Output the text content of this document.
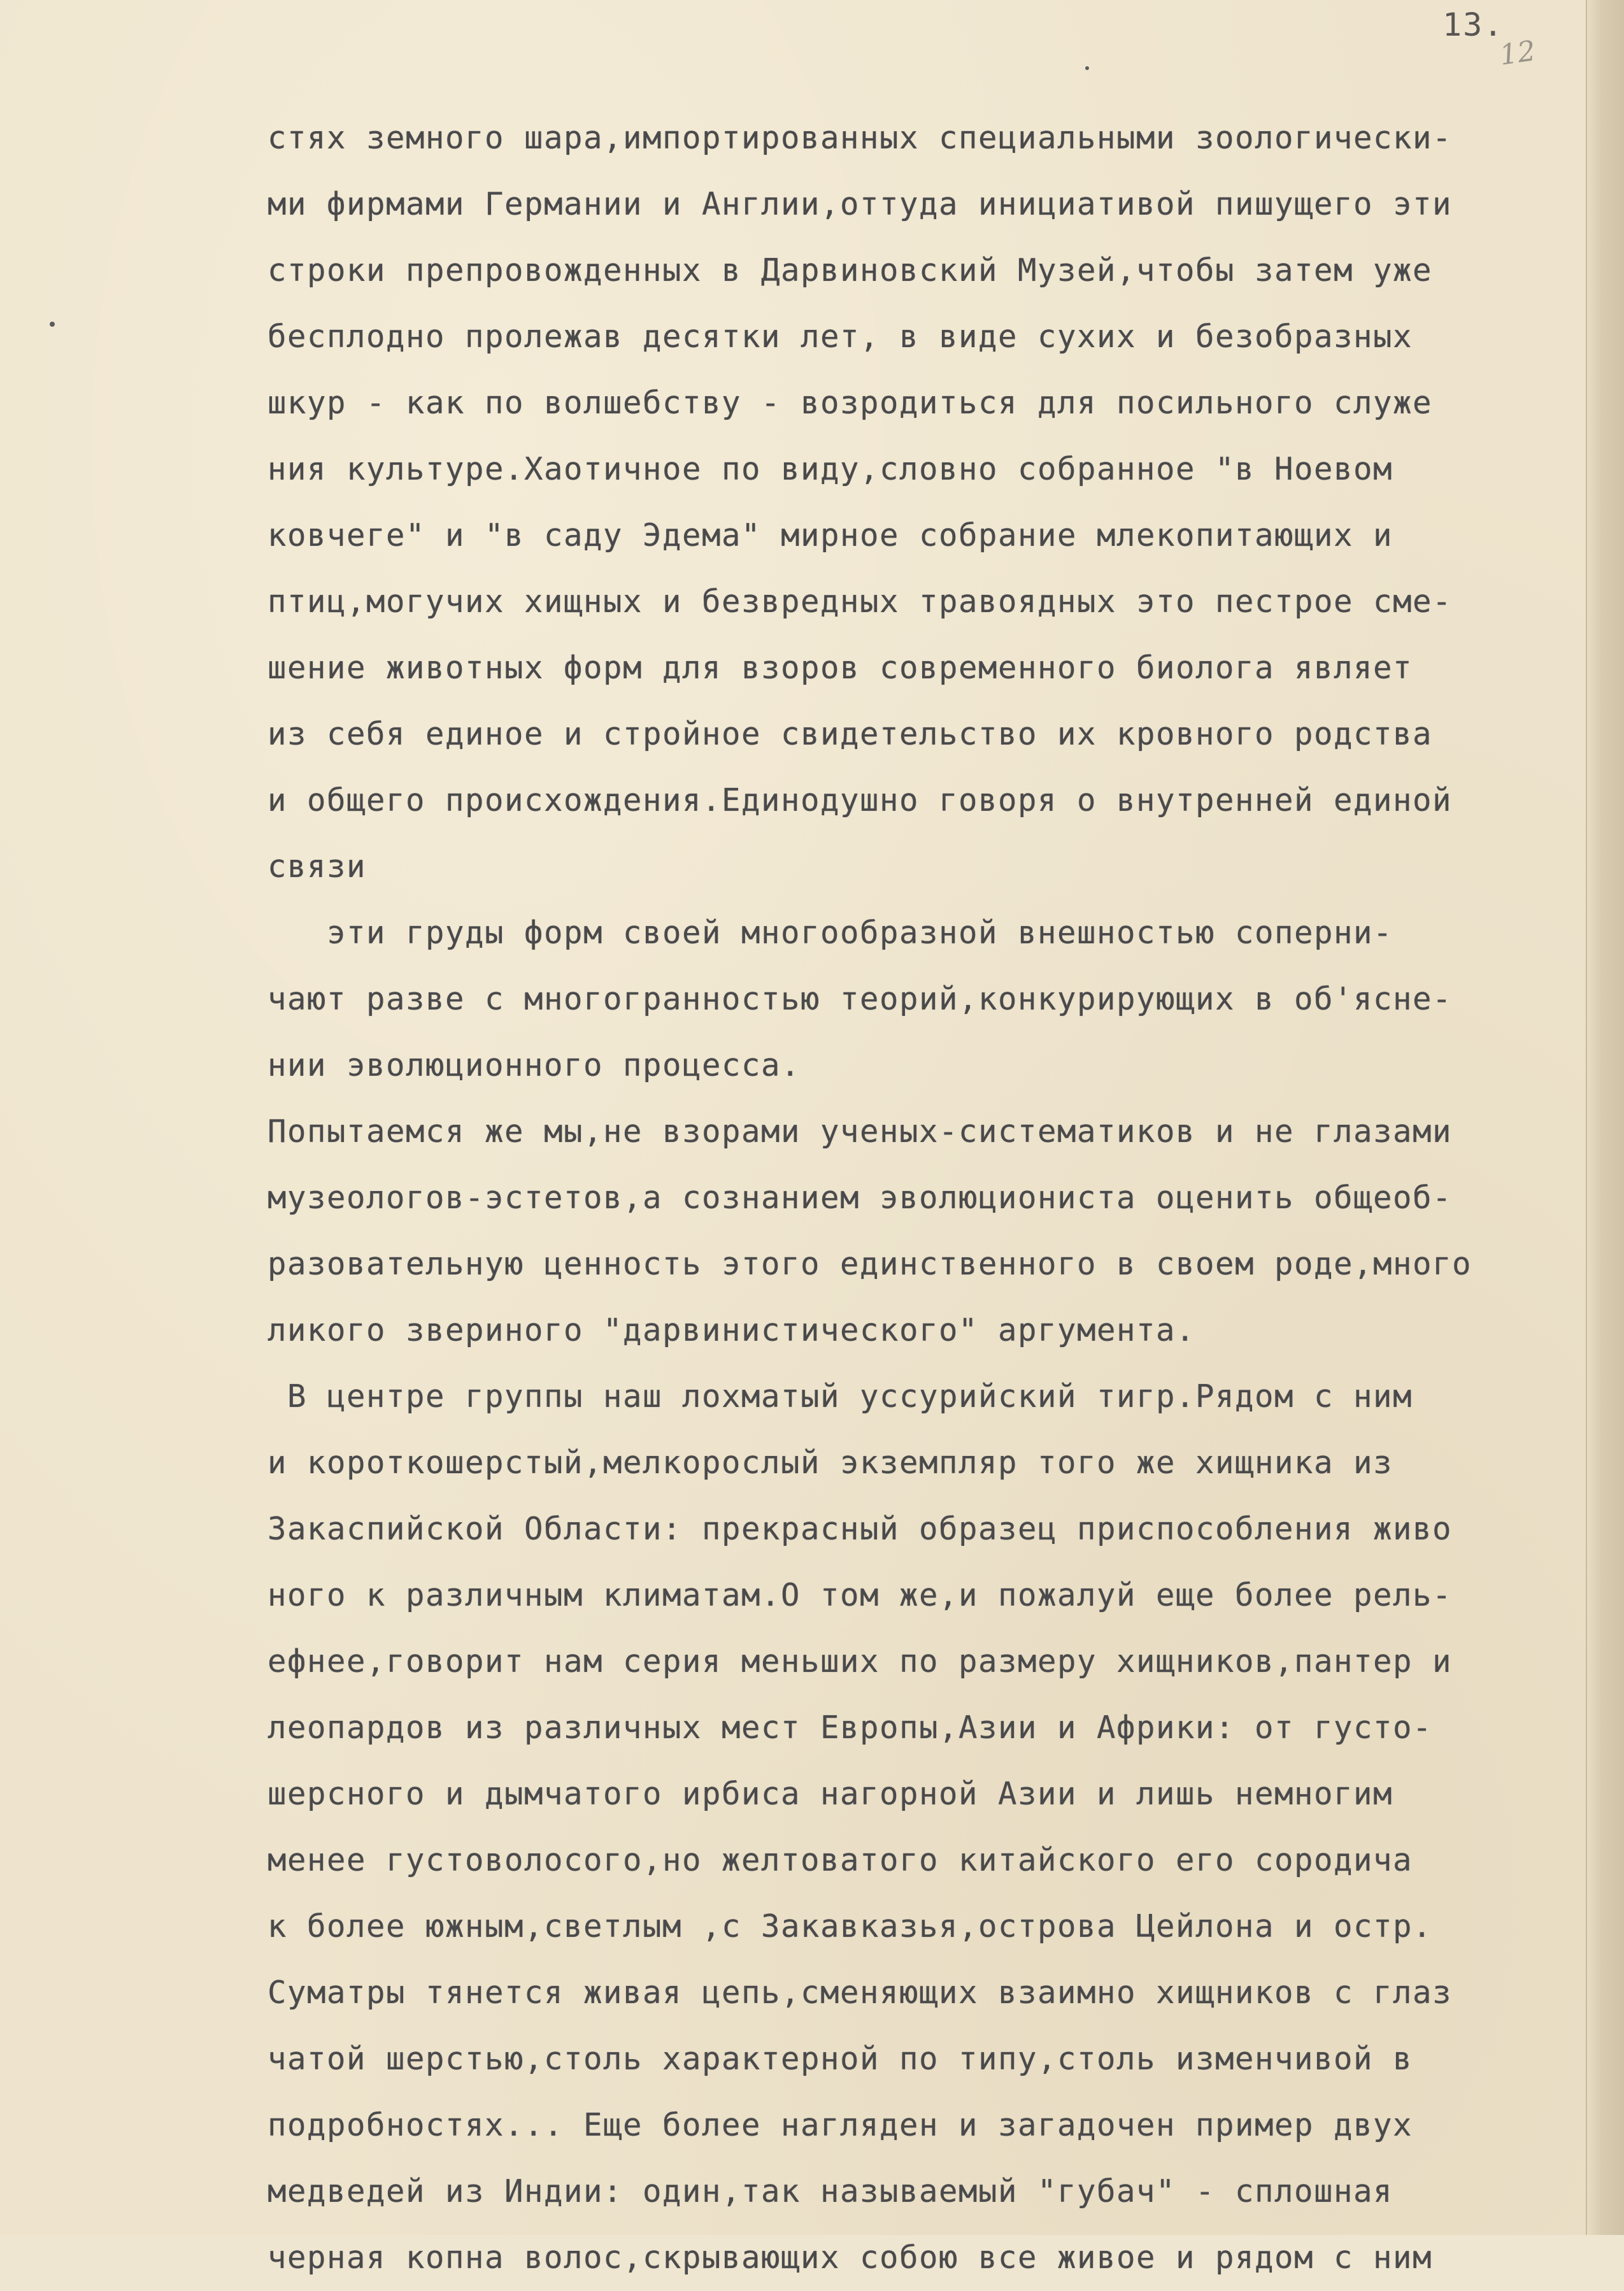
13.
12
стях земного шара,импортированных специальными зоологически-
ми фирмами Германии и Англии,оттуда инициативой пишущего эти
строки препровожденных в Дарвиновский Музей,чтобы затем уже
бесплодно пролежав десятки лет, в виде сухих и безобразных
шкур - как по волшебству - возродиться для посильного служе
ния культуре.Хаотичное по виду,словно собранное "в Ноевом
ковчеге" и "в саду Эдема" мирное собрание млекопитающих и
птиц,могучих хищных и безвредных травоядных это пестрое сме-
шение животных форм для взоров современного биолога являет
из себя единое и стройное свидетельство их кровного родства
и общего происхождения.Единодушно говоря о внутренней единой
связи
эти груды форм своей многообразной внешностью соперни-
чают разве с многогранностью теорий,конкурирующих в об'ясне-
нии эволюционного процесса.
Попытаемся же мы,не взорами ученых-систематиков и не глазами
музеологов-эстетов,а сознанием эволюциониста оценить общеоб-
разовательную ценность этого единственного в своем роде,много
ликого звериного "дарвинистического" аргумента.
В центре группы наш лохматый уссурийский тигр.Рядом с ним
и короткошерстый,мелкорослый экземпляр того же хищника из
Закаспийской Области: прекрасный образец приспособления живо
ного к различным климатам.О том же,и пожалуй еще более рель-
ефнее,говорит нам серия меньших по размеру хищников,пантер и
леопардов из различных мест Европы,Азии и Африки: от густо-
шерсного и дымчатого ирбиса нагорной Азии и лишь немногим
менее густоволосого,но желтоватого китайского его сородича
к более южным,светлым ,с Закавказья,острова Цейлона и остр.
Суматры тянется живая цепь,сменяющих взаимно хищников с глаз
чатой шерстью,столь характерной по типу,столь изменчивой в
подробностях... Еще более нагляден и загадочен пример двух
медведей из Индии: один,так называемый "губач" - сплошная
черная копна волос,скрывающих собою все живое и рядом с ним
